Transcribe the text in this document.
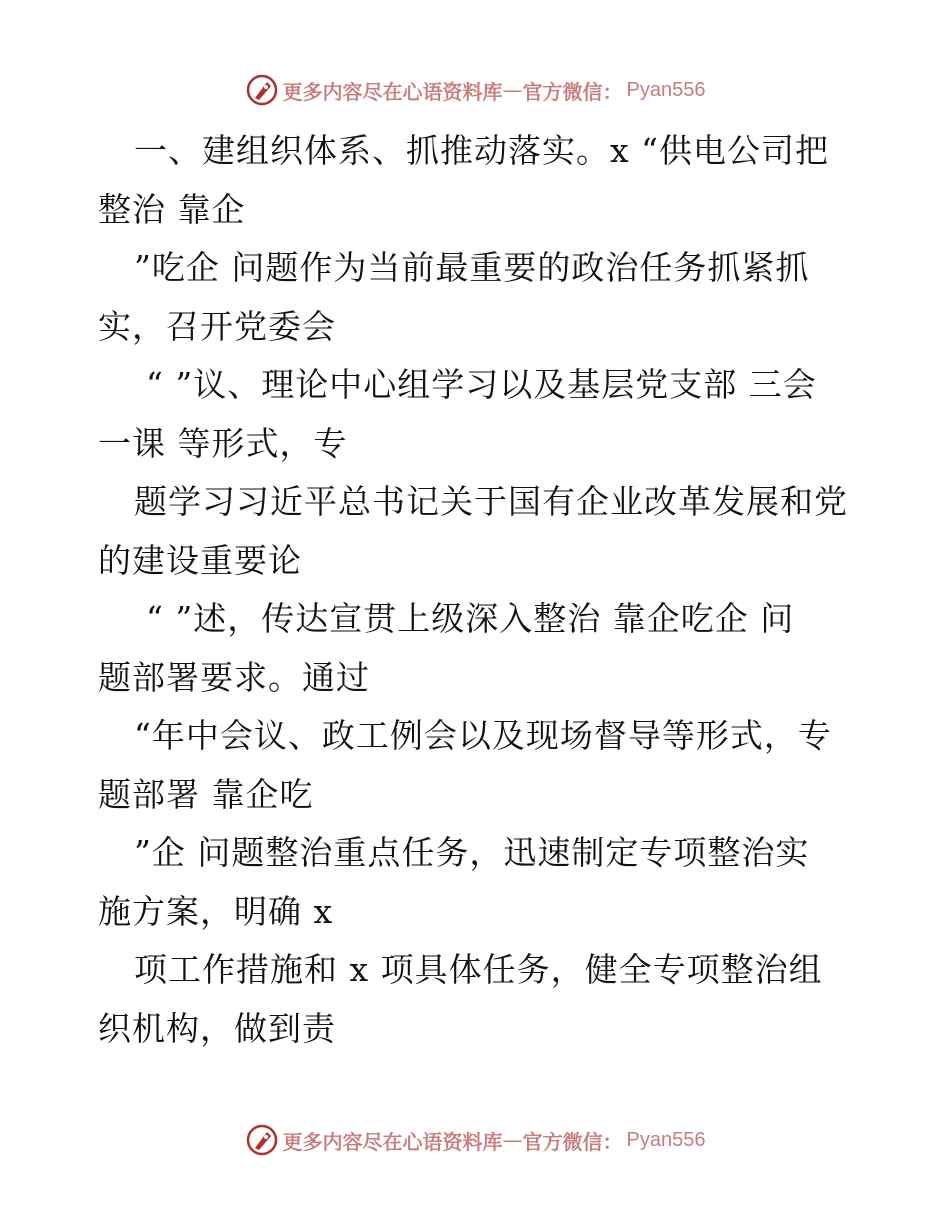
更多内容尽在心语资料库 — 官方微信： Pyan556
一、建组织体系、抓推动落实。x “供电公司把
整治 靠企
”吃企 问题作为当前最重要的政治任务抓紧抓
实，召开党委会
“ ”议、理论中心组学习以及基层党支部 三会
一课 等形式，专
题学习习近平总书记关于国有企业改革发展和党
的建设重要论
“ ”述，传达宣贯上级深入整治 靠企吃企 问
题部署要求。通过
“年中会议、政工例会以及现场督导等形式，专
题部署 靠企吃
”企 问题整治重点任务，迅速制定专项整治实
施方案，明确 x
项工作措施和 x 项具体任务，健全专项整治组
织机构，做到责
更多内容尽在心语资料库 — 官方微信： Pyan556
